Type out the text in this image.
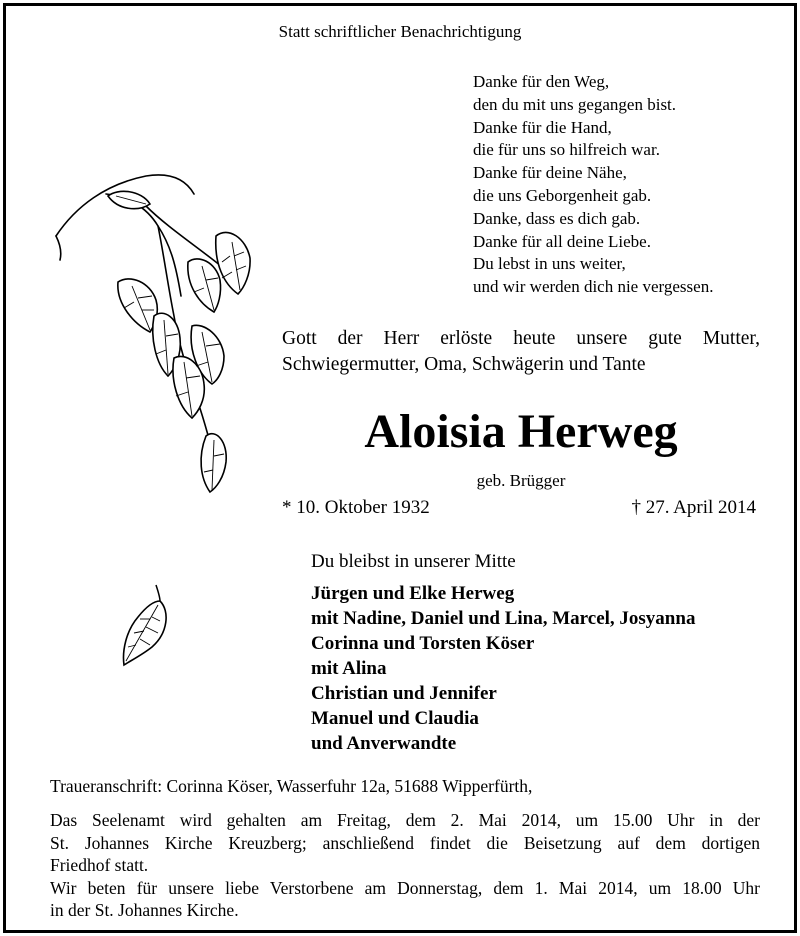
Statt schriftlicher Benachrichtigung
Danke für den Weg,
den du mit uns gegangen bist.
Danke für die Hand,
die für uns so hilfreich war.
Danke für deine Nähe,
die uns Geborgenheit gab.
Danke, dass es dich gab.
Danke für all deine Liebe.
Du lebst in uns weiter,
und wir werden dich nie vergessen.
Gott der Herr erlöste heute unsere gute Mutter,
Schwiegermutter, Oma, Schwägerin und Tante
Aloisia Herweg
geb. Brügger
* 10. Oktober 1932	† 27. April 2014
Du bleibst in unserer Mitte
Jürgen und Elke Herweg
mit Nadine, Daniel und Lina, Marcel, Josyanna
Corinna und Torsten Köser
mit Alina
Christian und Jennifer
Manuel und Claudia
und Anverwandte
Traueranschrift: Corinna Köser, Wasserfuhr 12a, 51688 Wipperfürth,
Das Seelenamt wird gehalten am Freitag, dem 2. Mai 2014, um 15.00 Uhr in der
St. Johannes Kirche Kreuzberg; anschließend findet die Beisetzung auf dem dortigen
Friedhof statt.
Wir beten für unsere liebe Verstorbene am Donnerstag, dem 1. Mai 2014, um 18.00 Uhr
in der St. Johannes Kirche.
